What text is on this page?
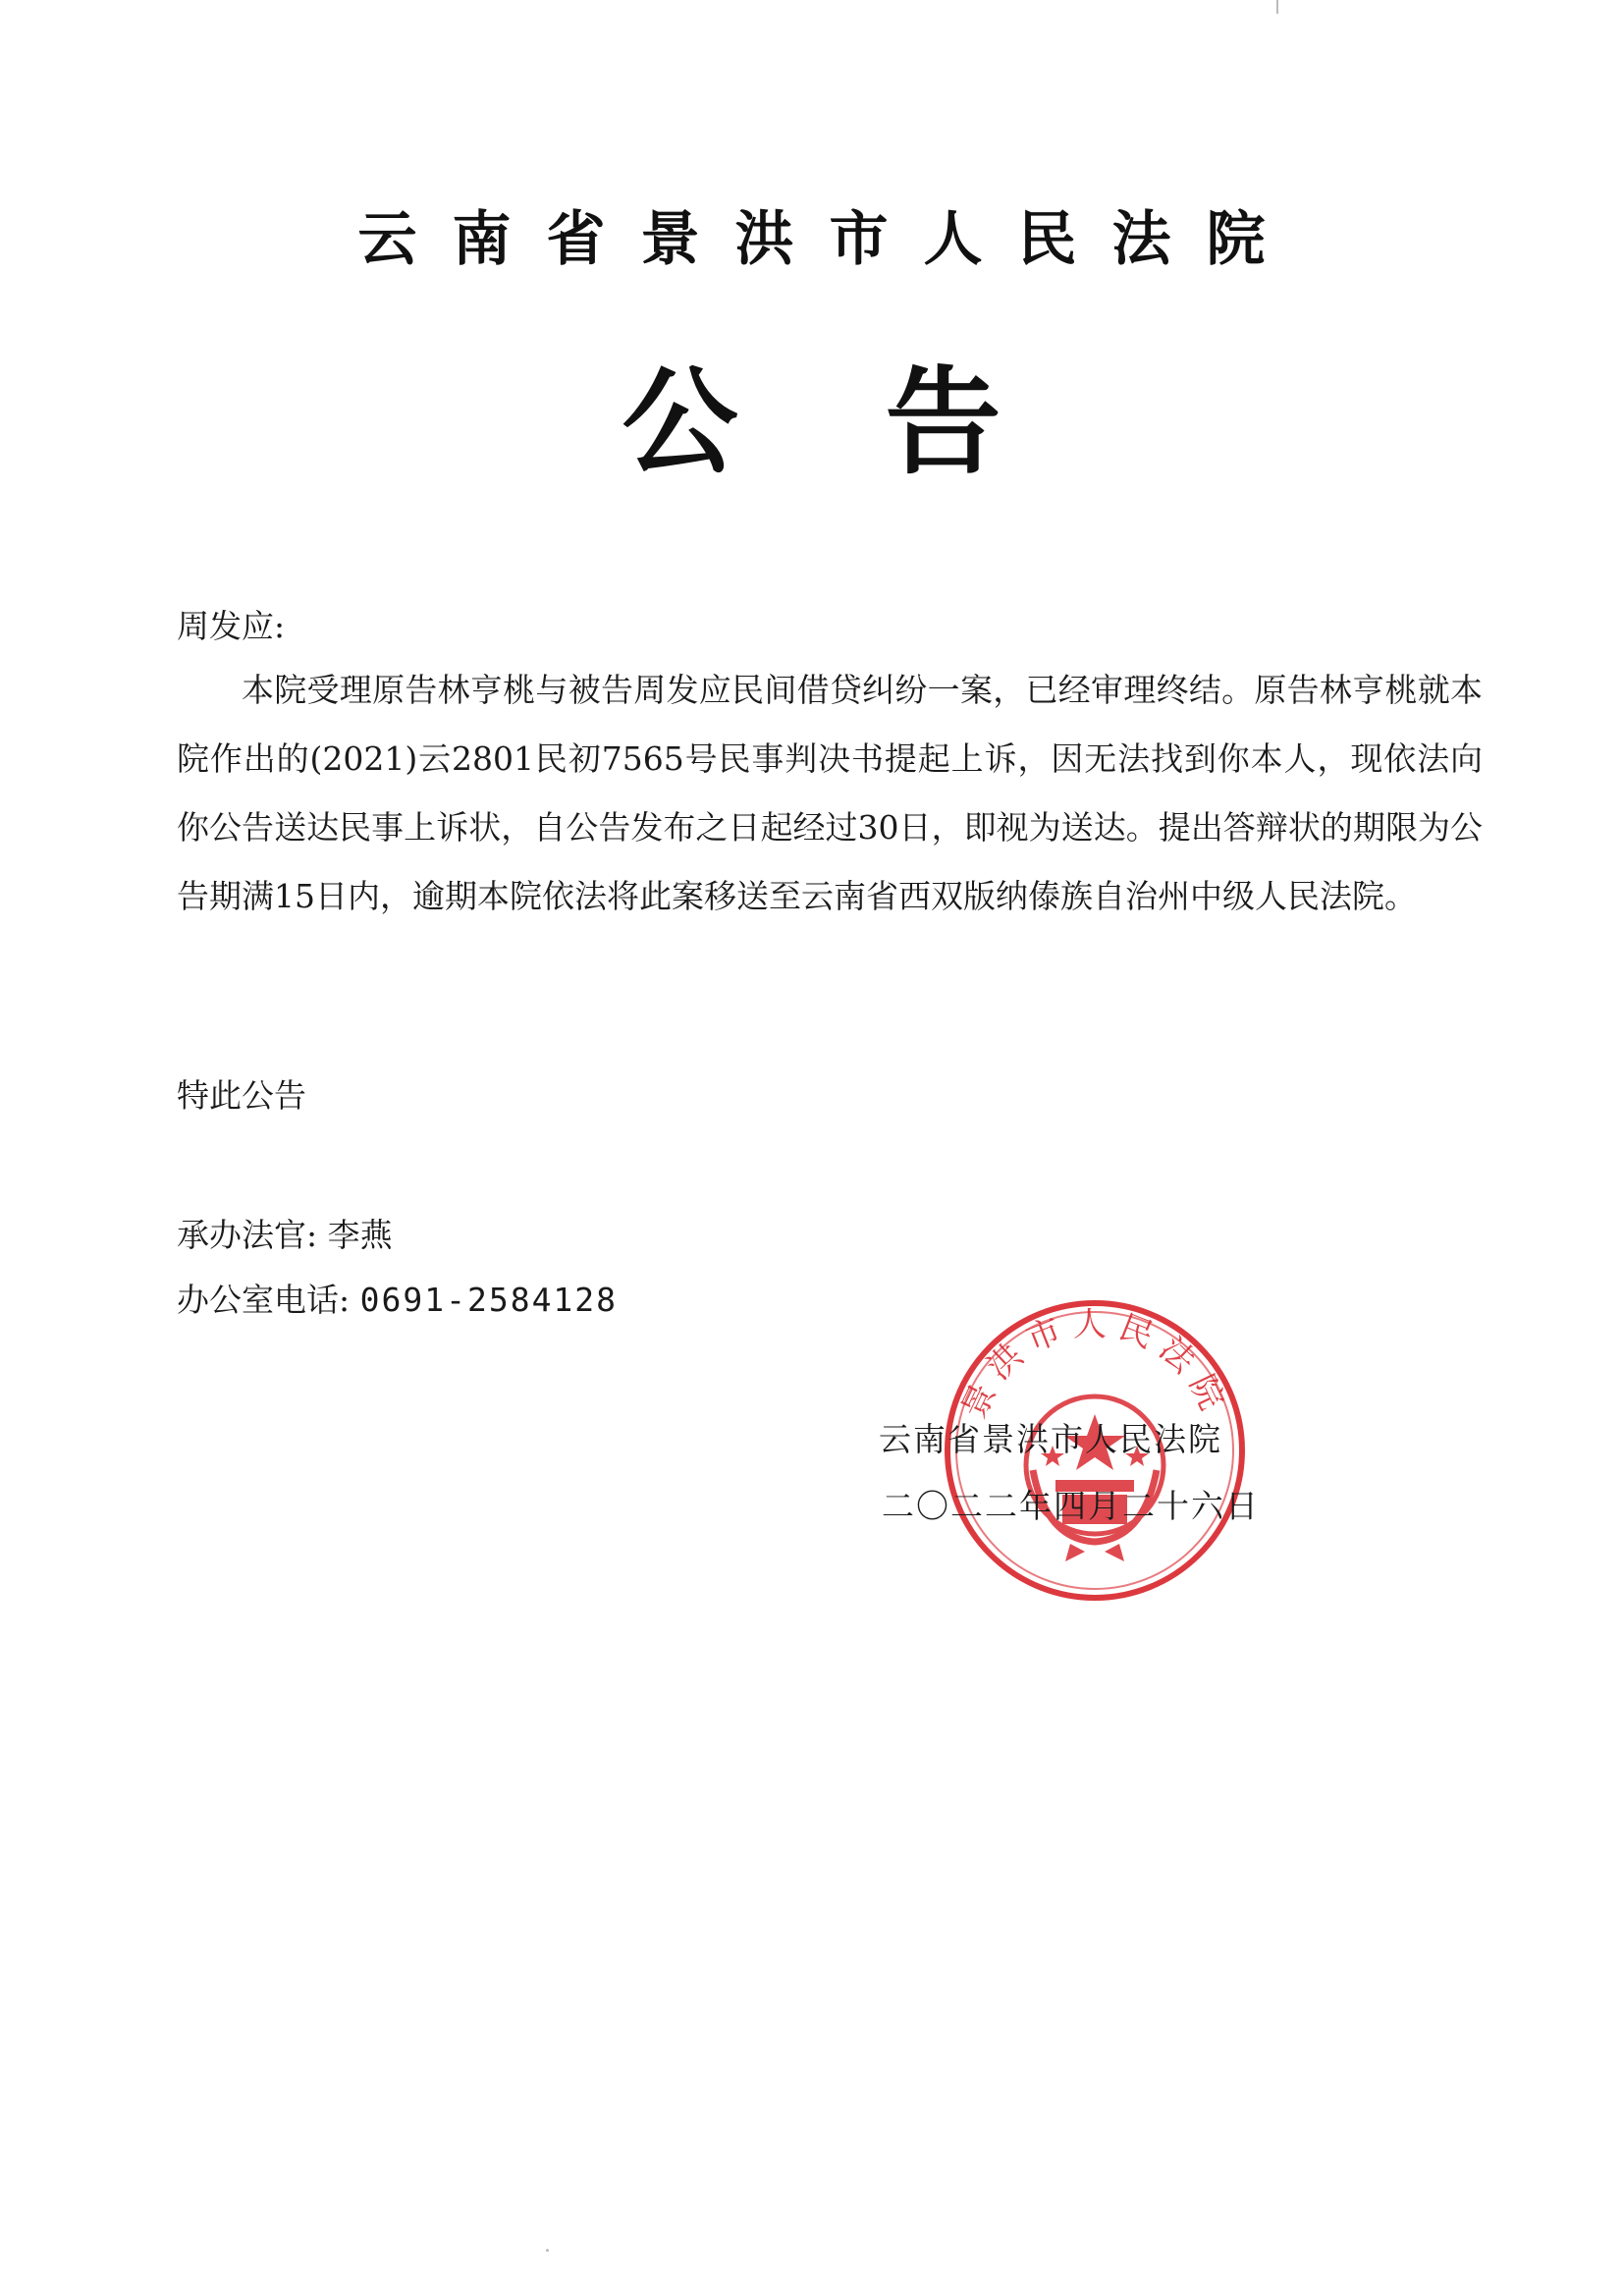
云南省景洪市人民法院
公告
周发应:
本院受理原告林亨桃与被告周发应民间借贷纠纷一案，已经审理终结。原告林亨桃就本院作出的(2021)云2801民初7565号民事判决书提起上诉，因无法找到你本人，现依法向你公告送达民事上诉状，自公告发布之日起经过30日，即视为送达。提出答辩状的期限为公告期满15日内，逾期本院依法将此案移送至云南省西双版纳傣族自治州中级人民法院。
特此公告
承办法官: 李燕
办公室电话: 0691-2584128
景洪市人民法院
云南省景洪市人民法院
二〇二二年四月二十六日
